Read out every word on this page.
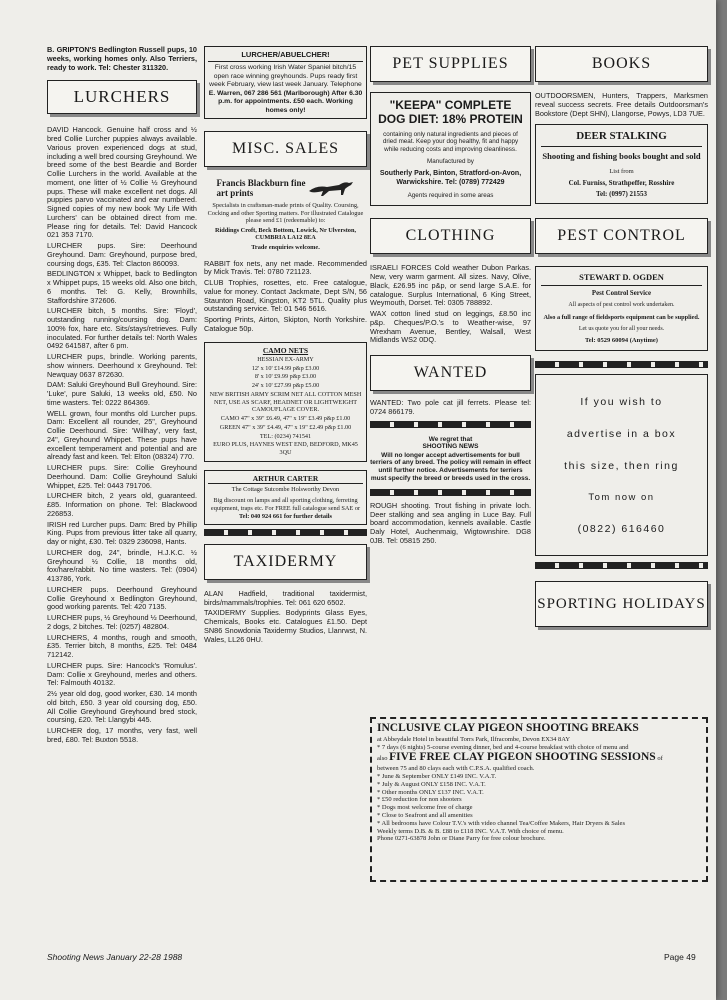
B. GRIPTON'S Bedlington Russell pups, 10 weeks, working homes only. Also Terriers, ready to work. Tel: Chester 311320.

LURCHERS

DAVID Hancock. Genuine half cross and ½ bred Collie Lurcher puppies always available. Various proven experienced dogs at stud, including a well bred coursing Greyhound. We breed some of the best Beardie and Border Collie Lurchers in the world. Available at the moment, one litter of ½ Collie ½ Greyhound pups. These will make excellent net dogs. All puppies parvo vaccinated and ear numbered. Signed copies of my new book 'My Life With Lurchers' can be obtained direct from me. Please ring for details. Tel: David Hancock 021 353 7170.

LURCHER pups. Sire: Deerhound Greyhound. Dam: Greyhound, purpose bred, coursing dogs, £35. Tel: Clacton 860093.

BEDLINGTON x Whippet, back to Bedlington x Whippet pups, 15 weeks old. Also one bitch, 6 months. Tel: G. Kelly, Brownhills, Staffordshire 372606.

LURCHER bitch, 5 months. Sire: 'Floyd', outstanding running/coursing dog. Dam: 100% fox, hare etc. Sits/stays/retrieves. Fully inoculated. For further details tel: North Wales 0492 641587, after 6 pm.

LURCHER pups, brindle. Working parents, show winners. Deerhound x Greyhound. Tel: Newquay 0637 872630.

DAM: Saluki Greyhound Bull Greyhound. Sire: 'Luke', pure Saluki, 13 weeks old, £50. No time wasters. Tel: 0222 864369.

WELL grown, four months old Lurcher pups. Dam: Excellent all rounder, 25", Greyhound Collie Deerhound. Sire: 'Willhay', very fast, 24", Greyhound Whippet. These pups have excellent temperament and potential and are already fast and keen. Tel: Elton (08324) 770.

LURCHER pups. Sire: Collie Greyhound Deerhound. Dam: Collie Greyhound Saluki Whippet, £25. Tel: 0443 791706.

LURCHER bitch, 2 years old, guaranteed. £85. Information on phone. Tel: Blackwood 226853.

IRISH red Lurcher pups. Dam: Bred by Phillip King. Pups from previous litter take all quarry, day or night, £30. Tel: 0329 236098, Hants.

LURCHER dog, 24", brindle, H.J.K.C. ½ Greyhound ½ Collie, 18 months old, fox/hare/rabbit. No time wasters. Tel: (0904) 413786, York.

LURCHER pups. Deerhound Greyhound Collie Greyhound x Bedlington Greyhound, good working parents. Tel: 420 7135.

LURCHER pups, ½ Greyhound ½ Deerhound, 2 dogs, 2 bitches. Tel: (0257) 482804.

LURCHERS, 4 months, rough and smooth, £35. Terrier bitch, 8 months, £25. Tel: 0484 712142.

LURCHER pups. Sire: Hancock's 'Romulus'. Dam: Collie x Greyhound, merles and others. Tel: Falmouth 40132.

2½ year old dog, good worker, £30. 14 month old bitch, £50. 3 year old coursing dog, £50. All Collie Greyhound Greyhound bred stock, coursing, £20. Tel: Llangybi 445.

LURCHER dog, 17 months, very fast, well bred, £80. Tel: Buxton 5518.

LURCHER/ABUELCHER!
First cross working Irish Water Spaniel bitch/15 open race winning greyhounds. Pups ready first week February, view last week January. Telephone
E. Warren, 067 286 561 (Marlborough) After 6.30 p.m. for appointments. £50 each. Working homes only!
MISC. SALES
Francis Blackburn fine art prints
Specialists in craftsman-made prints of Quality. Coursing, Cocking and other Sporting matters. For illustrated Catalogue please send £1 (redeemable) to:
Riddings Croft, Beck Bottom, Lowick, Nr Ulverston, CUMBRIA LA12 8EA
Trade enquiries welcome.

RABBIT fox nets, any net made. Recommended by Mick Travis. Tel: 0780 721123.

CLUB Trophies, rosettes, etc. Free catalogue, value for money. Contact Jackmate, Dept S/N, 56 Staunton Road, Kingston, KT2 5TL. Quality plus outstanding service. Tel: 01 546 5616.

Sporting Prints, Airton, Skipton, North Yorkshire. Catalogue 50p.

CAMO NETS
HESSIAN EX-ARMY
12' x 10' £14.99 p&p £3.00
8' x 10' £9.99 p&p £3.00
24' x 10' £27.99 p&p £5.00
NEW BRITISH ARMY SCRIM NET ALL COTTON MESH NET, USE AS SCARF, HEADNET OR LIGHTWEIGHT CAMOUFLAGE COVER.
CAMO 47" x 39" £6.49, 47" x 19" £3.49 p&p £1.00
GREEN 47" x 39" £4.49, 47" x 19" £2.49 p&p £1.00
TEL: (0234) 741541
EURO PLUS, HAYNES WEST END, BEDFORD, MK45 3QU
ARTHUR CARTER
The Cottage Sutcombe Holsworthy Devon
Big discount on lamps and all sporting clothing, ferreting equipment, traps etc. For FREE full catalogue send SAE or
Tel: 040 924 661 for further details
TAXIDERMY

ALAN Hadfield, traditional taxidermist, birds/mammals/trophies. Tel: 061 620 6502.

TAXIDERMY Supplies. Bodyprints Glass Eyes, Chemicals, Books etc. Catalogues £1.50. Dept SN86 Snowdonia Taxidermy Studios, Llanrwst, N. Wales, LL26 0HU.

PET SUPPLIES
"KEEPA" COMPLETE DOG DIET: 18% PROTEIN
containing only natural ingredients and pieces of dried meat. Keep your dog healthy, fit and happy while reducing costs and improving cleanliness.
Manufactured by
Southerly Park, Binton, Stratford-on-Avon, Warwickshire. Tel: (0789) 772429
Agents required in some areas
CLOTHING

ISRAELI FORCES Cold weather Dubon Parkas. New, very warm garment. All sizes. Navy, Olive, Black, £26.95 inc p&p, or send large S.A.E. for catalogue. Surplus International, 6 King Street, Weymouth, Dorset. Tel: 0305 788892.

WAX cotton lined stud on leggings, £8.50 inc p&p. Cheques/P.O.'s to Weather-wise, 97 Wrexham Avenue, Bentley, Walsall, West Midlands WS2 0DQ.

WANTED

WANTED: Two pole cat jill ferrets. Please tel: 0724 866179.

We regret that SHOOTING NEWS
Will no longer accept advertisements for bull terriers of any breed. The policy will remain in effect until further notice. Advertisements for terriers must specify the breed or breeds used in the cross.

ROUGH shooting. Trout fishing in private loch. Deer stalking and sea angling in Luce Bay. Full board accommodation, kennels available. Castle Daly Hotel, Auchenmaig, Wigtownshire. DG8 0JB. Tel: 05815 250.

BOOKS

OUTDOORSMEN, Hunters, Trappers, Marksmen reveal success secrets. Free details Outdoorsman's Bookstore (Dept SHN), Llangorse, Powys, LD3 7UE.

DEER STALKING
Shooting and fishing books bought and sold
List from
Col. Furniss, Strathpeffer, Rosshire
Tel: (0997) 21553
PEST CONTROL
STEWART D. OGDEN
Pest Control Service
All aspects of pest control work undertaken.
Also a full range of fieldsports equipment can be supplied.
Let us quote you for all your needs.
Tel: 0529 60094 (Anytime)
If you wish to
advertise in a box
this size, then ring
Tom now on
(0822) 616460
SPORTING HOLIDAYS
INCLUSIVE CLAY PIGEON SHOOTING BREAKS
at Abbeydale Hotel in beautiful Torrs Park, Ilfracombe, Devon EX34 8AY
* 7 days (6 nights) 5-course evening dinner, bed and 4-course breakfast with choice of menu and
also FIVE FREE CLAY PIGEON SHOOTING SESSIONS of
between 75 and 80 clays each with C.P.S.A. qualified coach.
* June & September ONLY £149 INC. V.A.T.
* July & August ONLY £158 INC. V.A.T.
* Other months ONLY £137 INC. V.A.T.
* £50 reduction for non shooters
* Dogs most welcome free of charge
* Close to Seafront and all amenities
* All bedrooms have Colour T.V.'s with video channel Tea/Coffee Makers, Hair Dryers & Sales
Weekly terms D.B. & B. £88 to £118 INC. V.A.T. With choice of menu.
Phone 0271-63878 John or Diane Parry for free colour brochure.
Shooting News January 22-28 1988	Page 49
